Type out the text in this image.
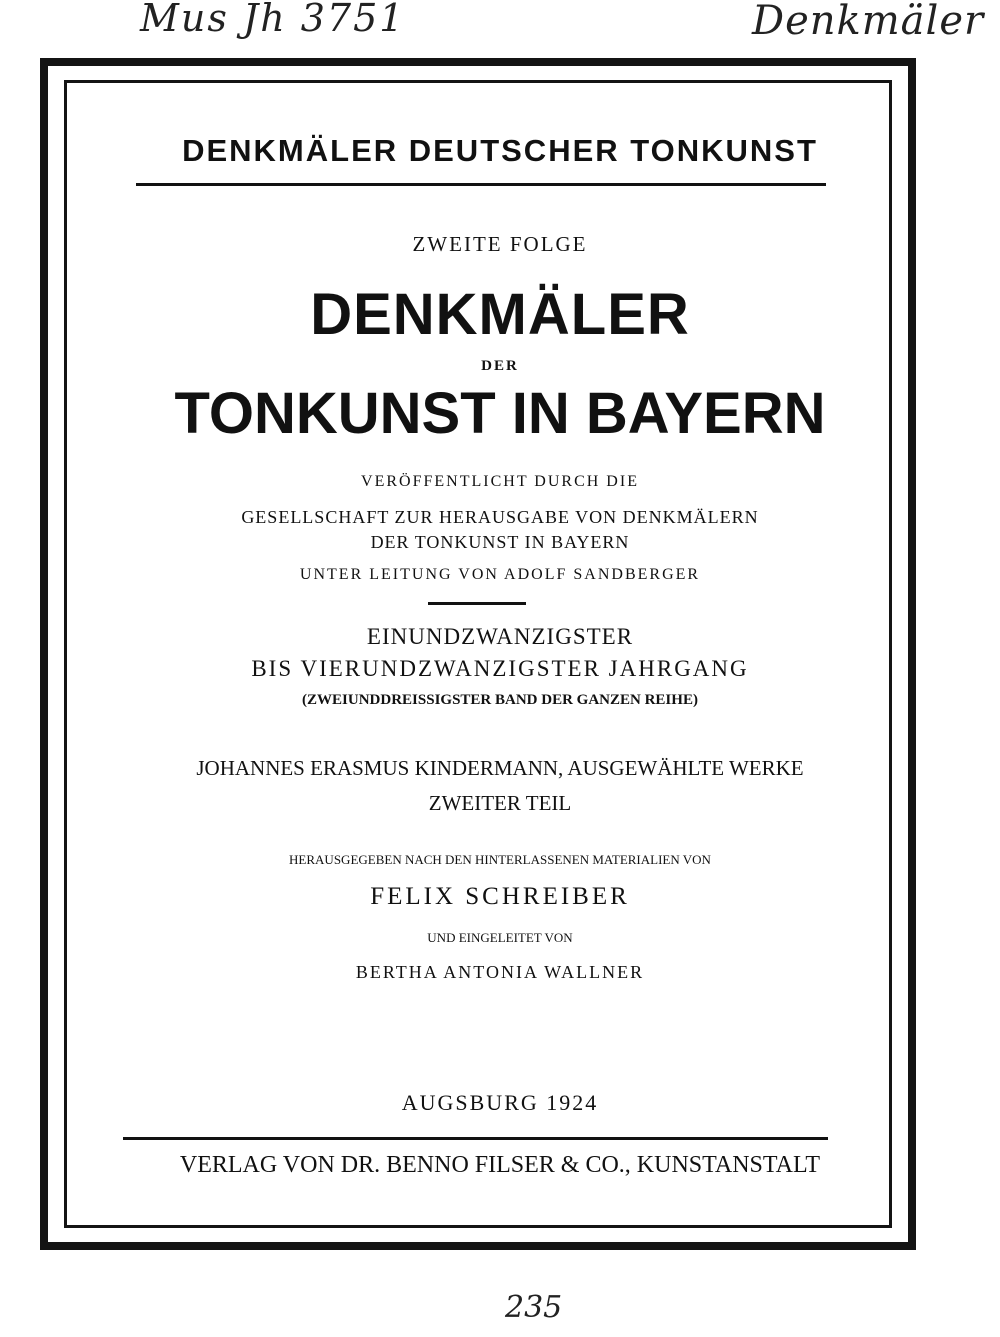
Mus Jh 3751	Denkmäler
235
DENKMÄLER DEUTSCHER TONKUNST
ZWEITE FOLGE
DENKMÄLER
DER
TONKUNST IN BAYERN
VERÖFFENTLICHT DURCH DIE
GESELLSCHAFT ZUR HERAUSGABE VON DENKMÄLERN
DER TONKUNST IN BAYERN
UNTER LEITUNG VON ADOLF SANDBERGER
EINUNDZWANZIGSTER
BIS VIERUNDZWANZIGSTER JAHRGANG
(ZWEIUNDDREISSIGSTER BAND DER GANZEN REIHE)
JOHANNES ERASMUS KINDERMANN, AUSGEWÄHLTE WERKE
ZWEITER TEIL
HERAUSGEGEBEN NACH DEN HINTERLASSENEN MATERIALIEN VON
FELIX SCHREIBER
UND EINGELEITET VON
BERTHA ANTONIA WALLNER
AUGSBURG 1924
VERLAG VON DR. BENNO FILSER & CO., KUNSTANSTALT
